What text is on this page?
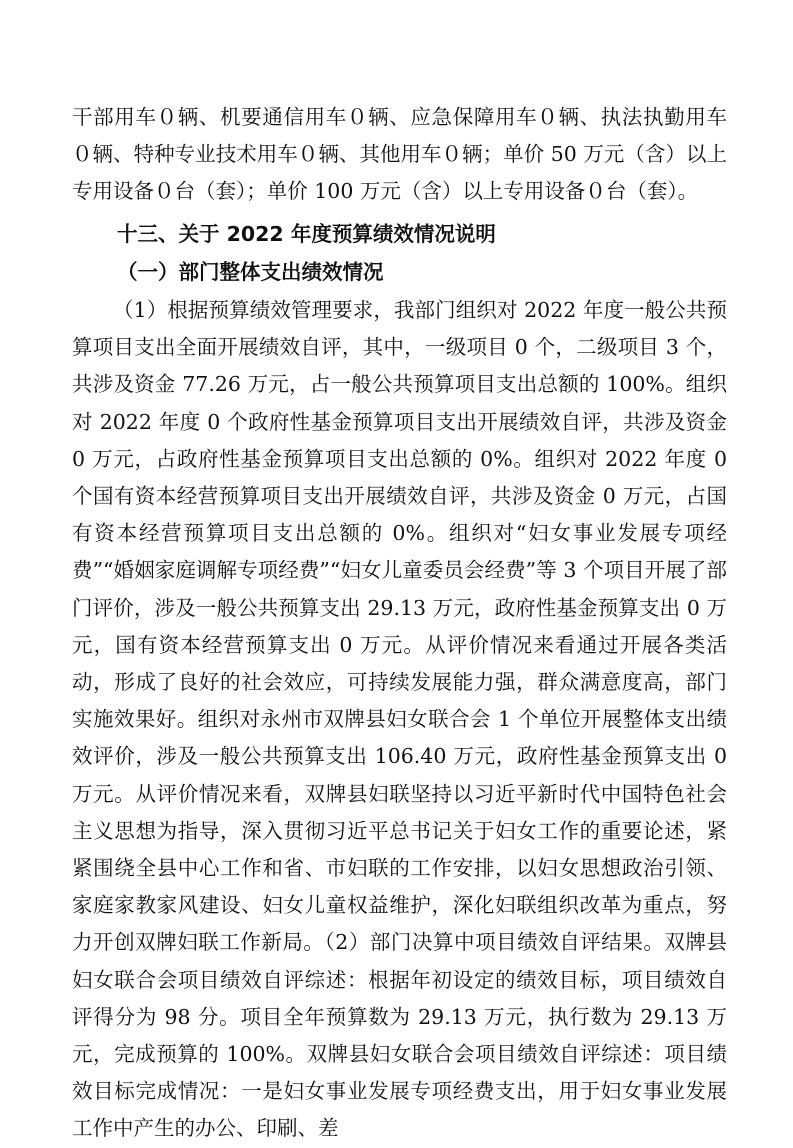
干部用车０辆、机要通信用车０辆、应急保障用车０辆、执法执勤用车０辆、特种专业技术用车０辆、其他用车０辆；单价 50 万元（含）以上专用设备０台（套）；单价 100 万元（含）以上专用设备０台（套）。

十三、关于 2022 年度预算绩效情况说明
（一）部门整体支出绩效情况

（1）根据预算绩效管理要求，我部门组织对 2022 年度一般公共预算项目支出全面开展绩效自评，其中，一级项目 0 个，二级项目 3 个，共涉及资金 77.26 万元，占一般公共预算项目支出总额的 100%。组织对 2022 年度 0 个政府性基金预算项目支出开展绩效自评，共涉及资金 0 万元，占政府性基金预算项目支出总额的 0%。组织对 2022 年度 0 个国有资本经营预算项目支出开展绩效自评，共涉及资金 0 万元，占国有资本经营预算项目支出总额的 0%。组织对“妇女事业发展专项经费”“婚姻家庭调解专项经费”“妇女儿童委员会经费”等 3 个项目开展了部门评价，涉及一般公共预算支出 29.13 万元，政府性基金预算支出 0 万元，国有资本经营预算支出 0 万元。从评价情况来看通过开展各类活动，形成了良好的社会效应，可持续发展能力强，群众满意度高，部门实施效果好。组织对永州市双牌县妇女联合会 1 个单位开展整体支出绩效评价，涉及一般公共预算支出 106.40 万元，政府性基金预算支出 0 万元。从评价情况来看，双牌县妇联坚持以习近平新时代中国特色社会主义思想为指导，深入贯彻习近平总书记关于妇女工作的重要论述，紧紧围绕全县中心工作和省、市妇联的工作安排，以妇女思想政治引领、家庭家教家风建设、妇女儿童权益维护，深化妇联组织改革为重点，努力开创双牌妇联工作新局。（2）部门决算中项目绩效自评结果。双牌县妇女联合会项目绩效自评综述：根据年初设定的绩效目标，项目绩效自评得分为 98 分。项目全年预算数为 29.13 万元，执行数为 29.13 万元，完成预算的 100%。双牌县妇女联合会项目绩效自评综述：项目绩效目标完成情况：一是妇女事业发展专项经费支出，用于妇女事业发展工作中产生的办公、印刷、差
